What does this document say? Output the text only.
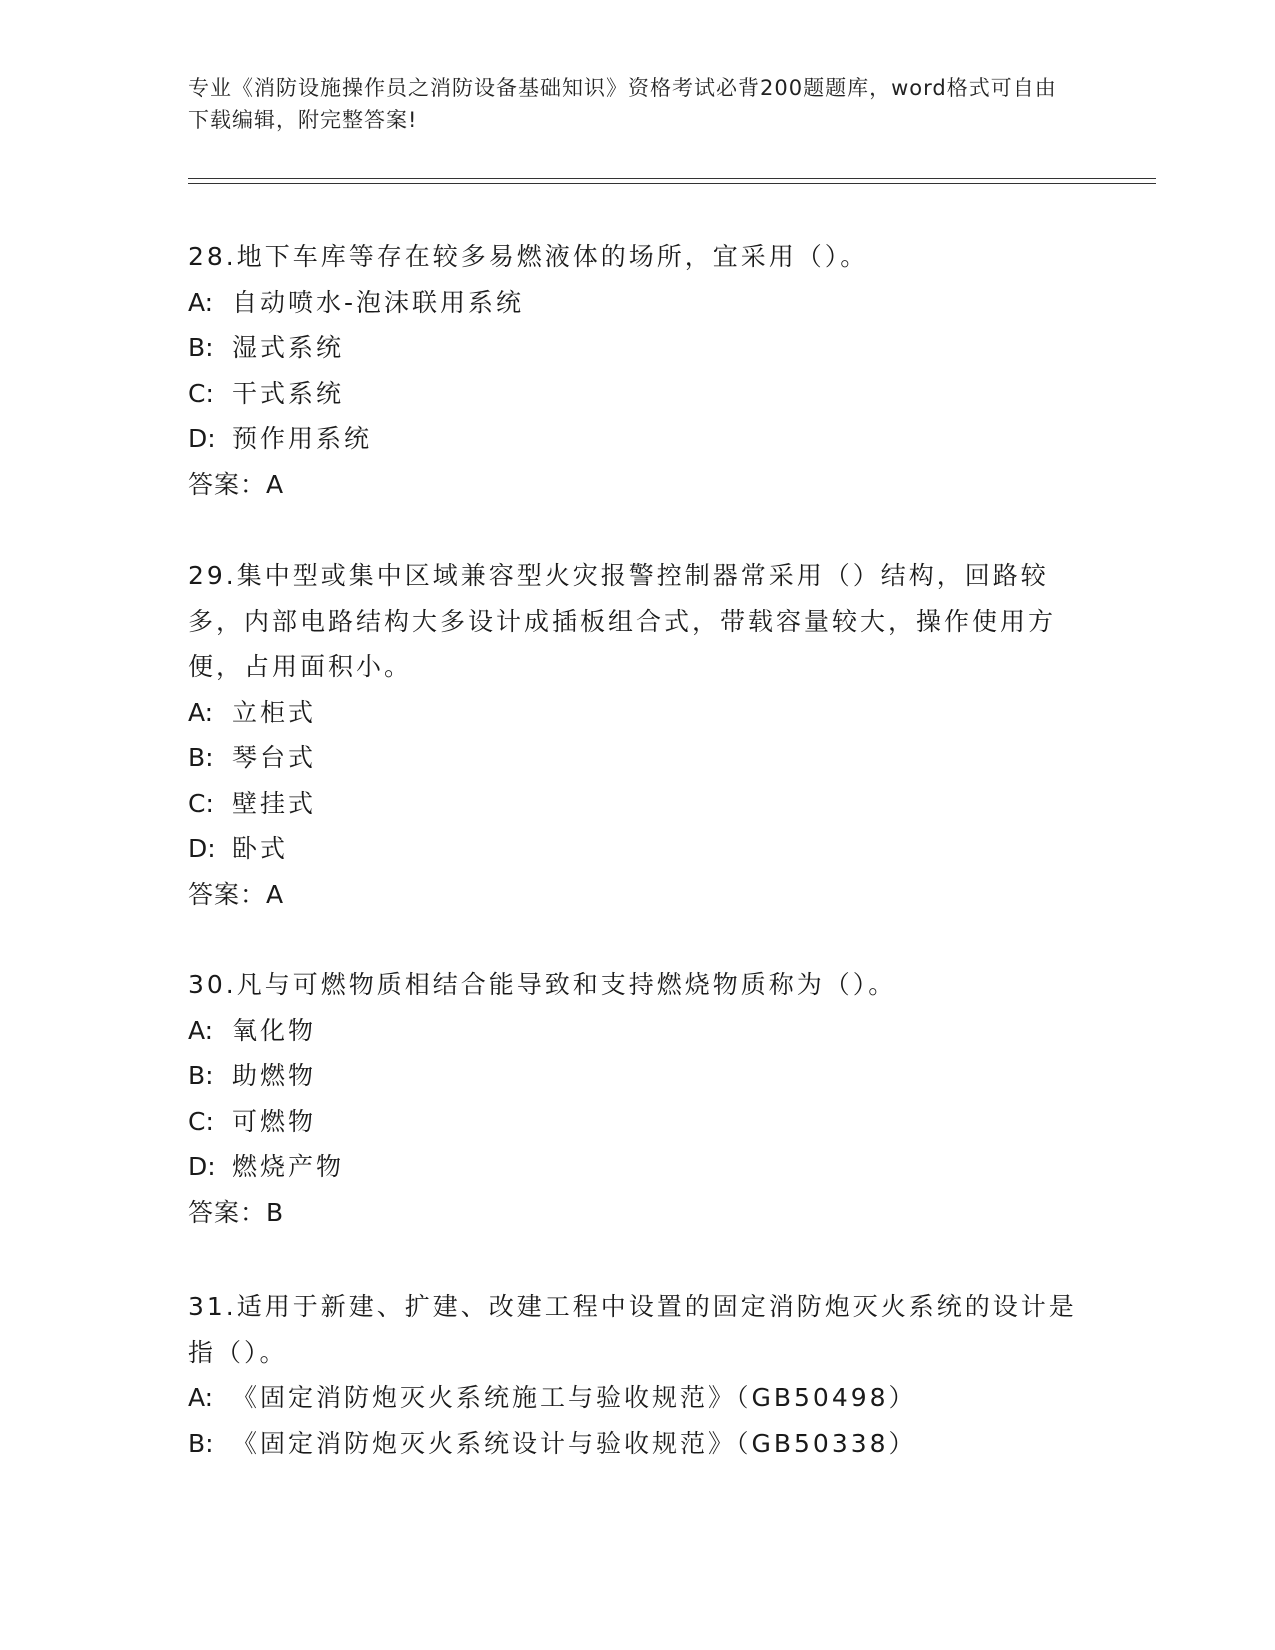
专业《消防设施操作员之消防设备基础知识》资格考试必背200题题库，word格式可自由下载编辑，附完整答案!
28.地下车库等存在较多易燃液体的场所，宜采用（）。
A: 自动喷水-泡沫联用系统
B: 湿式系统
C: 干式系统
D: 预作用系统
答案：A
29.集中型或集中区域兼容型火灾报警控制器常采用（）结构，回路较多，内部电路结构大多设计成插板组合式，带载容量较大，操作使用方便，占用面积小。
A: 立柜式
B: 琴台式
C: 壁挂式
D: 卧式
答案：A
30.凡与可燃物质相结合能导致和支持燃烧物质称为（）。
A: 氧化物
B: 助燃物
C: 可燃物
D: 燃烧产物
答案：B
31.适用于新建、扩建、改建工程中设置的固定消防炮灭火系统的设计是指（）。
A: 《固定消防炮灭火系统施工与验收规范》（GB50498）
B: 《固定消防炮灭火系统设计与验收规范》（GB50338）
